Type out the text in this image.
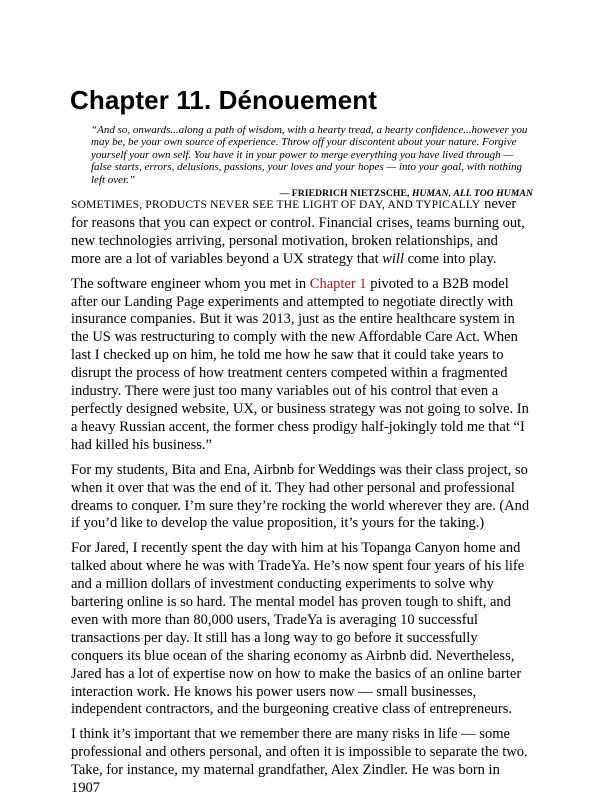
Chapter 11. Dénouement
“And so, onwards...along a path of wisdom, with a hearty tread, a hearty confidence...however you may be, be your own source of experience. Throw off your discontent about your nature. Forgive yourself your own self. You have it in your power to merge everything you have lived through — false starts, errors, delusions, passions, your loves and your hopes — into your goal, with nothing left over.”
— FRIEDRICH NIETZSCHE, HUMAN, ALL TOO HUMAN

SOMETIMES, PRODUCTS NEVER SEE THE LIGHT OF DAY, AND TYPICALLY never for reasons that you can expect or control. Financial crises, teams burning out, new technologies arriving, personal motivation, broken relationships, and more are a lot of variables beyond a UX strategy that will come into play.

The software engineer whom you met in Chapter 1 pivoted to a B2B model after our Landing Page experiments and attempted to negotiate directly with insurance companies. But it was 2013, just as the entire healthcare system in the US was restructuring to comply with the new Affordable Care Act. When last I checked up on him, he told me how he saw that it could take years to disrupt the process of how treatment centers competed within a fragmented industry. There were just too many variables out of his control that even a perfectly designed website, UX, or business strategy was not going to solve. In a heavy Russian accent, the former chess prodigy half-jokingly told me that “I had killed his business.”

For my students, Bita and Ena, Airbnb for Weddings was their class project, so when it over that was the end of it. They had other personal and professional dreams to conquer. I’m sure they’re rocking the world wherever they are. (And if you’d like to develop the value proposition, it’s yours for the taking.)

For Jared, I recently spent the day with him at his Topanga Canyon home and talked about where he was with TradeYa. He’s now spent four years of his life and a million dollars of investment conducting experiments to solve why bartering online is so hard. The mental model has proven tough to shift, and even with more than 80,000 users, TradeYa is averaging 10 successful transactions per day. It still has a long way to go before it successfully conquers its blue ocean of the sharing economy as Airbnb did. Nevertheless, Jared has a lot of expertise now on how to make the basics of an online barter interaction work. He knows his power users now — small businesses, independent contractors, and the burgeoning creative class of entrepreneurs.

I think it’s important that we remember there are many risks in life — some professional and others personal, and often it is impossible to separate the two. Take, for instance, my maternal grandfather, Alex Zindler. He was born in 1907
